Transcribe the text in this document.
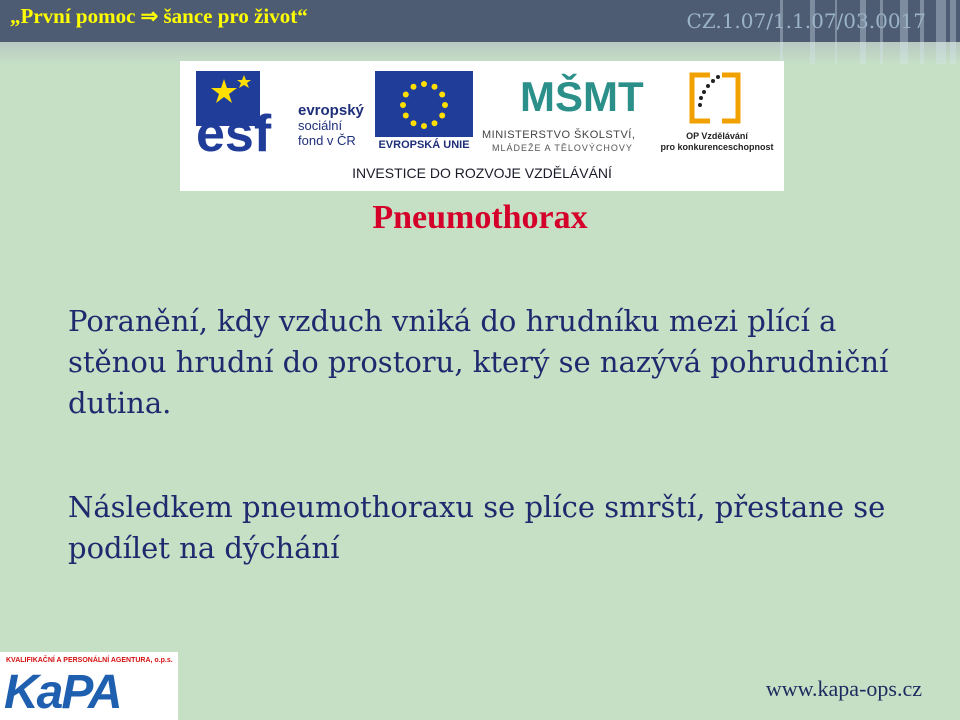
„První pomoc ⇒ šance pro život“	CZ.1.07/1.1.07/03.0017
esf evropský
sociální
fond v ČR	EVROPSKÁ UNIE
MŠMT
MINISTERSTVO ŠKOLSTVÍ,
MLÁDEŽE A TĚLOVÝCHOVY
OP Vzdělávání
pro konkurenceschopnost
INVESTICE DO ROZVOJE VZDĚLÁVÁNÍ
Pneumothorax
Poranění, kdy vzduch vniká do hrudníku mezi plící a stěnou hrudní do prostoru, který se nazývá pohrudniční dutina.
Následkem pneumothoraxu se plíce smrští, přestane se podílet na dýchání
KVALIFIKAČNÍ A PERSONÁLNÍ AGENTURA, o.p.s.
KaPA	www.kapa-ops.cz
